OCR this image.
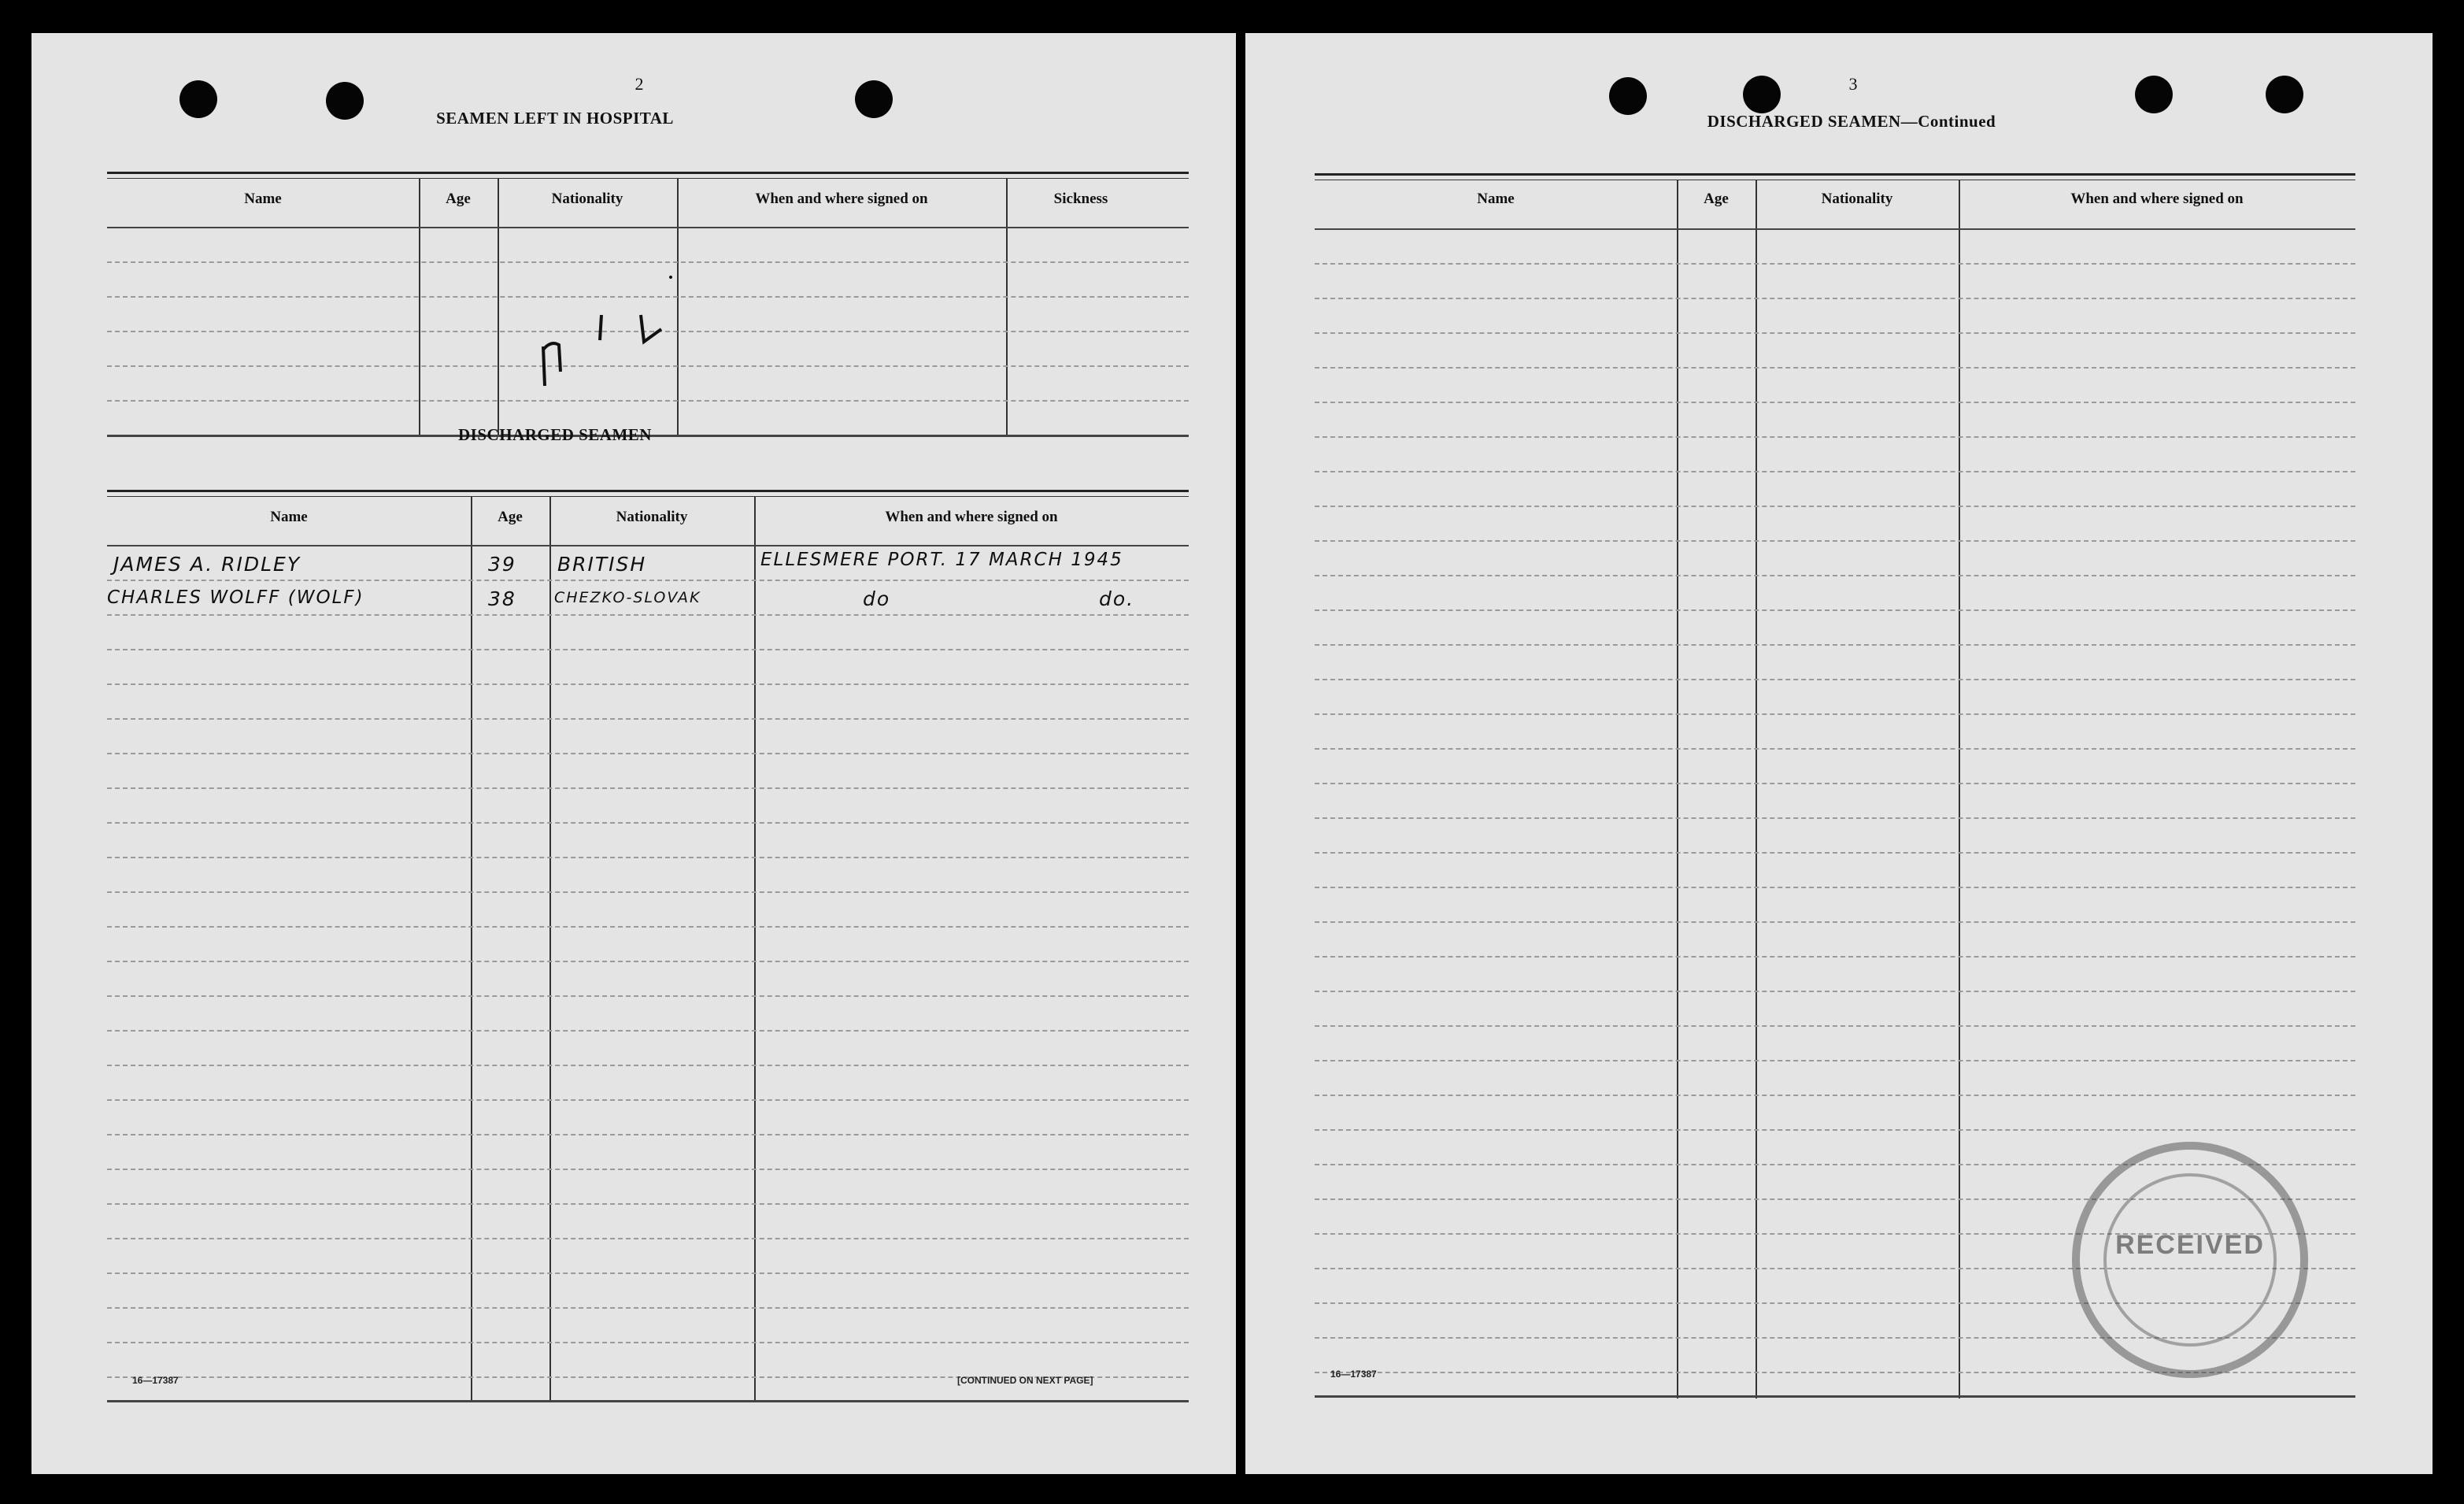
2
SEAMEN LEFT IN HOSPITAL
Name	Age	Nationality	When and where signed on	Sickness
DISCHARGED SEAMEN
Name	Age	Nationality	When and where signed on
JAMES A. RIDLEY	39 BRITISH	ELLESMERE PORT. 17 MARCH 1945
CHARLES WOLFF (WOLF)	38	CHEZKO-SLOVAK	do	do.
16—17387	[CONTINUED ON NEXT PAGE]
3
DISCHARGED SEAMEN—Continued
Name	Age	Nationality	When and where signed on
RECEIVED
16—17387
